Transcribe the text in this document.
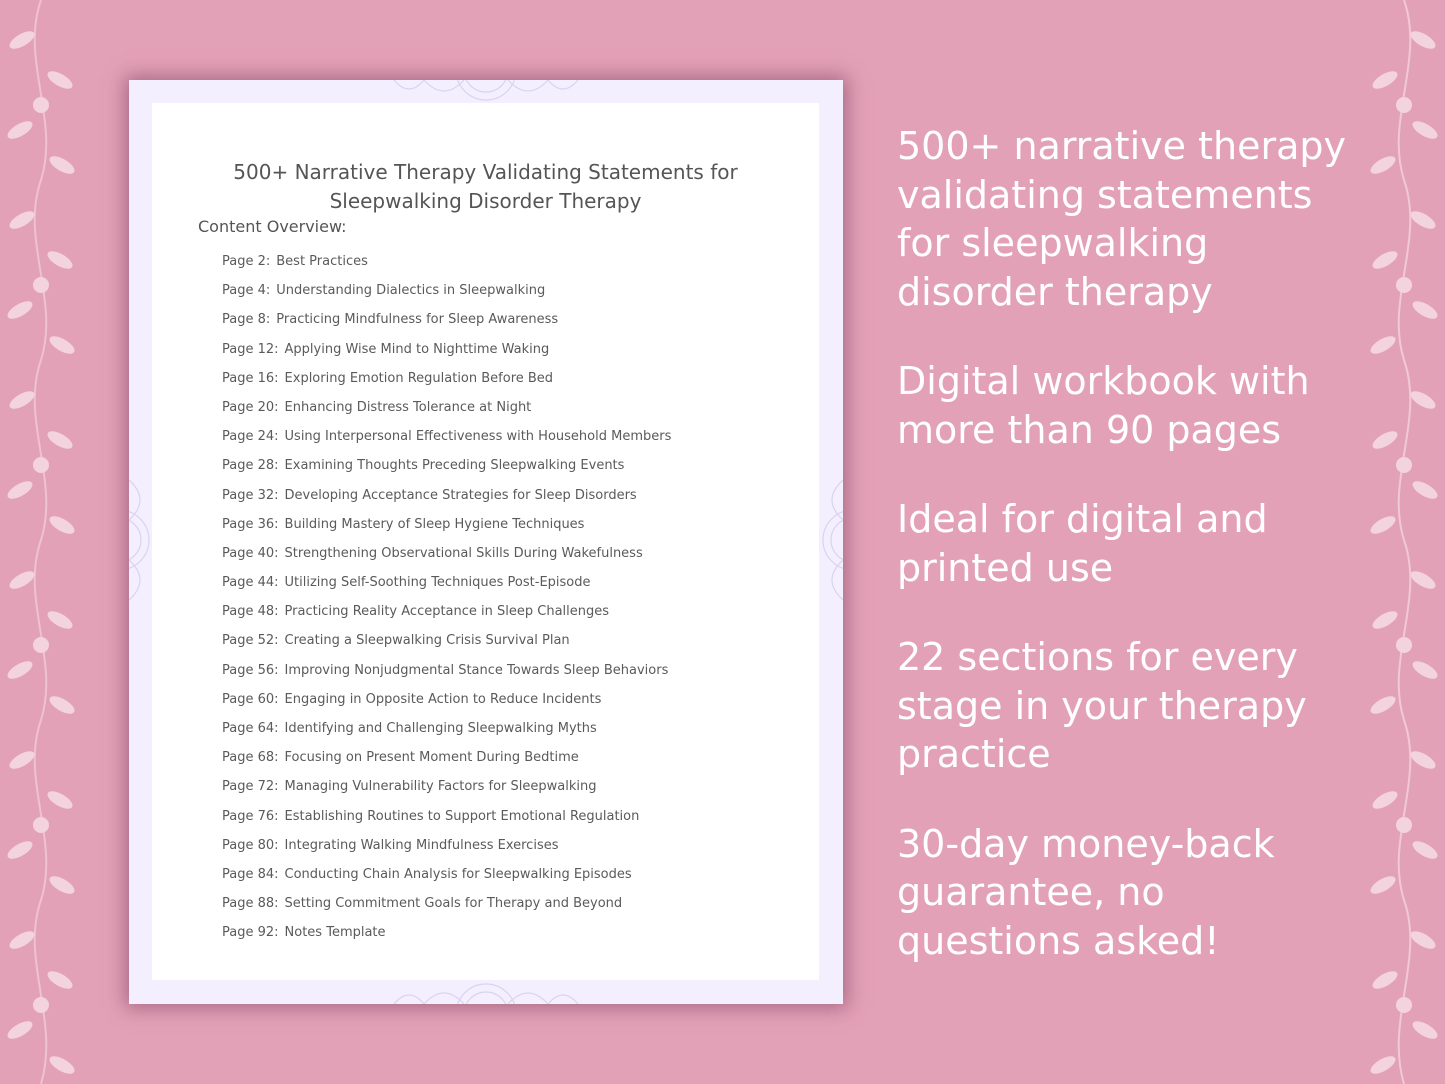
500+ Narrative Therapy Validating Statements for
Sleepwalking Disorder Therapy
Content Overview:
Page 2: Best Practices
Page 4: Understanding Dialectics in Sleepwalking
Page 8: Practicing Mindfulness for Sleep Awareness
Page 12: Applying Wise Mind to Nighttime Waking
Page 16: Exploring Emotion Regulation Before Bed
Page 20: Enhancing Distress Tolerance at Night
Page 24: Using Interpersonal Effectiveness with Household Members
Page 28: Examining Thoughts Preceding Sleepwalking Events
Page 32: Developing Acceptance Strategies for Sleep Disorders
Page 36: Building Mastery of Sleep Hygiene Techniques
Page 40: Strengthening Observational Skills During Wakefulness
Page 44: Utilizing Self-Soothing Techniques Post-Episode
Page 48: Practicing Reality Acceptance in Sleep Challenges
Page 52: Creating a Sleepwalking Crisis Survival Plan
Page 56: Improving Nonjudgmental Stance Towards Sleep Behaviors
Page 60: Engaging in Opposite Action to Reduce Incidents
Page 64: Identifying and Challenging Sleepwalking Myths
Page 68: Focusing on Present Moment During Bedtime
Page 72: Managing Vulnerability Factors for Sleepwalking
Page 76: Establishing Routines to Support Emotional Regulation
Page 80: Integrating Walking Mindfulness Exercises
Page 84: Conducting Chain Analysis for Sleepwalking Episodes
Page 88: Setting Commitment Goals for Therapy and Beyond
Page 92: Notes Template
500+ narrative therapy
validating statements
for sleepwalking
disorder therapy
Digital workbook with
more than 90 pages
Ideal for digital and
printed use
22 sections for every
stage in your therapy
practice
30-day money-back
guarantee, no
questions asked!
